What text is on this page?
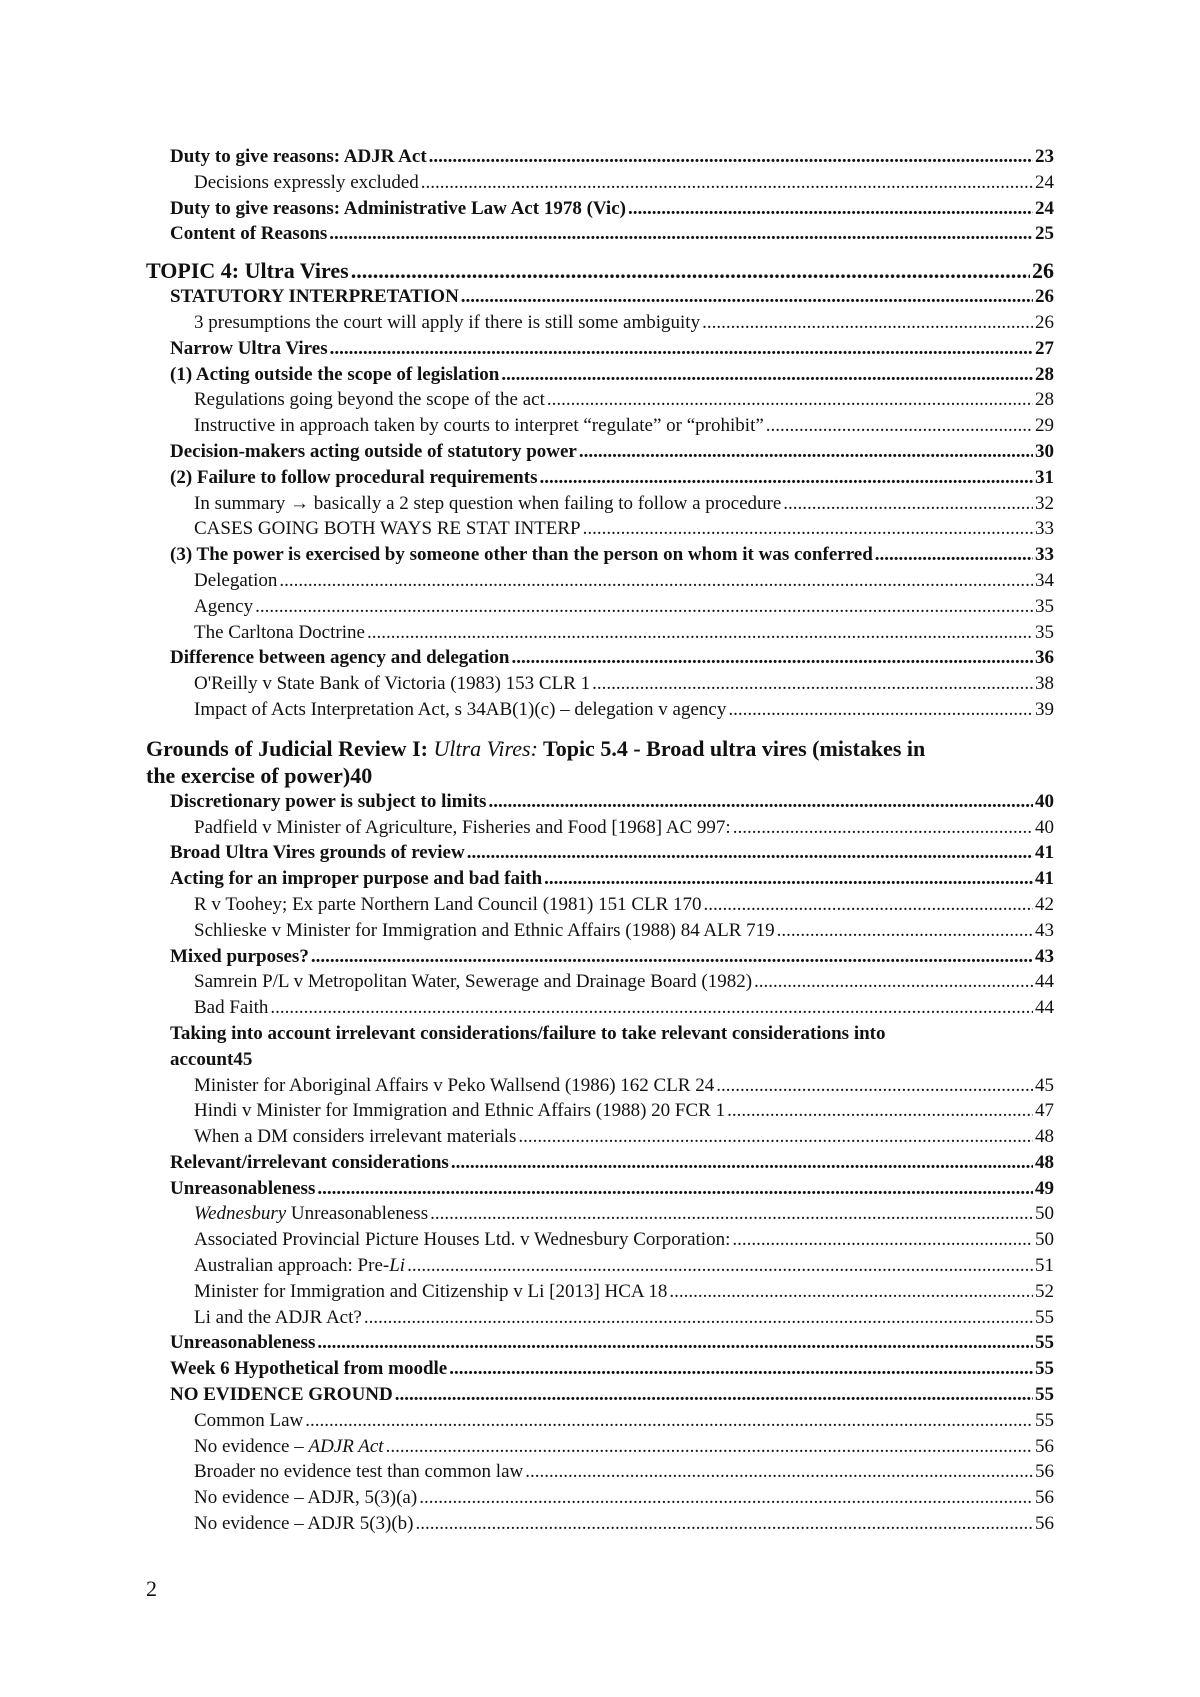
Duty to give reasons: ADJR Act .....	23
Decisions expressly excluded .....	24
Duty to give reasons: Administrative Law Act 1978 (Vic) .....	24
Content of Reasons .....	25
TOPIC 4: Ultra Vires .....	26
STATUTORY INTERPRETATION .....	26
3 presumptions the court will apply if there is still some ambiguity .....	26
Narrow Ultra Vires .....	27
(1) Acting outside the scope of legislation .....	28
Regulations going beyond the scope of the act .....	28
Instructive in approach taken by courts to interpret “regulate” or “prohibit” .....	29
Decision-makers acting outside of statutory power .....	30
(2) Failure to follow procedural requirements .....	31
In summary → basically a 2 step question when failing to follow a procedure .....	32
CASES GOING BOTH WAYS RE STAT INTERP .....	33
(3) The power is exercised by someone other than the person on whom it was conferred .....	33
Delegation .....	34
Agency .....	35
The Carltona Doctrine .....	35
Difference between agency and delegation .....	36
O'Reilly v State Bank of Victoria (1983) 153 CLR 1 .....	38
Impact of Acts Interpretation Act, s 34AB(1)(c) – delegation v agency .....	39
Grounds of Judicial Review I: Ultra Vires: Topic 5.4 - Broad ultra vires (mistakes in
the exercise of power) 40
Discretionary power is subject to limits .....	40
Padfield v Minister of Agriculture, Fisheries and Food [1968] AC 997: .....	40
Broad Ultra Vires grounds of review .....	41
Acting for an improper purpose and bad faith .....	41
R v Toohey; Ex parte Northern Land Council (1981) 151 CLR 170 .....	42
Schlieske v Minister for Immigration and Ethnic Affairs (1988) 84 ALR 719 .....	43
Mixed purposes? .....	43
Samrein P/L v Metropolitan Water, Sewerage and Drainage Board (1982) .....	44
Bad Faith .....	44
Taking into account irrelevant considerations/failure to take relevant considerations into
account 45
Minister for Aboriginal Affairs v Peko Wallsend (1986) 162 CLR 24 .....	45
Hindi v Minister for Immigration and Ethnic Affairs (1988) 20 FCR 1 .....	47
When a DM considers irrelevant materials .....	48
Relevant/irrelevant considerations .....	48
Unreasonableness .....	49
Wednesbury Unreasonableness .....	50
Associated Provincial Picture Houses Ltd. v Wednesbury Corporation: .....	50
Australian approach: Pre-Li .....	51
Minister for Immigration and Citizenship v Li [2013] HCA 18 .....	52
Li and the ADJR Act? .....	55
Unreasonableness .....	55
Week 6 Hypothetical from moodle .....	55
NO EVIDENCE GROUND .....	55
Common Law .....	55
No evidence – ADJR Act .....	56
Broader no evidence test than common law .....	56
No evidence – ADJR, 5(3)(a) .....	56
No evidence – ADJR 5(3)(b) .....	56
2
